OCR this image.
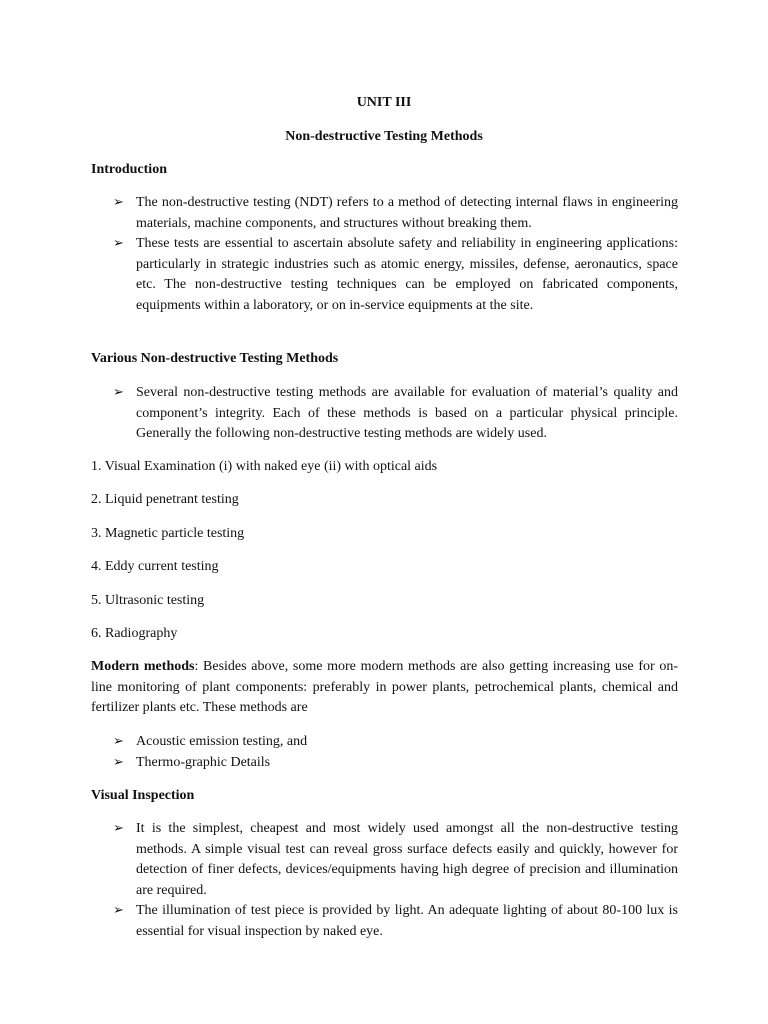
UNIT III

Non-destructive Testing Methods

Introduction

➢ The non-destructive testing (NDT) refers to a method of detecting internal flaws in engineering materials, machine components, and structures without breaking them.
➢ These tests are essential to ascertain absolute safety and reliability in engineering applications: particularly in strategic industries such as atomic energy, missiles, defense, aeronautics, space etc. The non-destructive testing techniques can be employed on fabricated components, equipments within a laboratory, or on in-service equipments at the site.

Various Non-destructive Testing Methods

➢ Several non-destructive testing methods are available for evaluation of material’s quality and component’s integrity. Each of these methods is based on a particular physical principle. Generally the following non-destructive testing methods are widely used.

1. Visual Examination (i) with naked eye (ii) with optical aids

2. Liquid penetrant testing

3. Magnetic particle testing

4. Eddy current testing

5. Ultrasonic testing

6. Radiography

Modern methods: Besides above, some more modern methods are also getting increasing use for on-line monitoring of plant components: preferably in power plants, petrochemical plants, chemical and fertilizer plants etc. These methods are

➢ Acoustic emission testing, and
➢ Thermo-graphic Details

Visual Inspection

➢ It is the simplest, cheapest and most widely used amongst all the non-destructive testing methods. A simple visual test can reveal gross surface defects easily and quickly, however for detection of finer defects, devices/equipments having high degree of precision and illumination are required.
➢ The illumination of test piece is provided by light. An adequate lighting of about 80-100 lux is essential for visual inspection by naked eye.
